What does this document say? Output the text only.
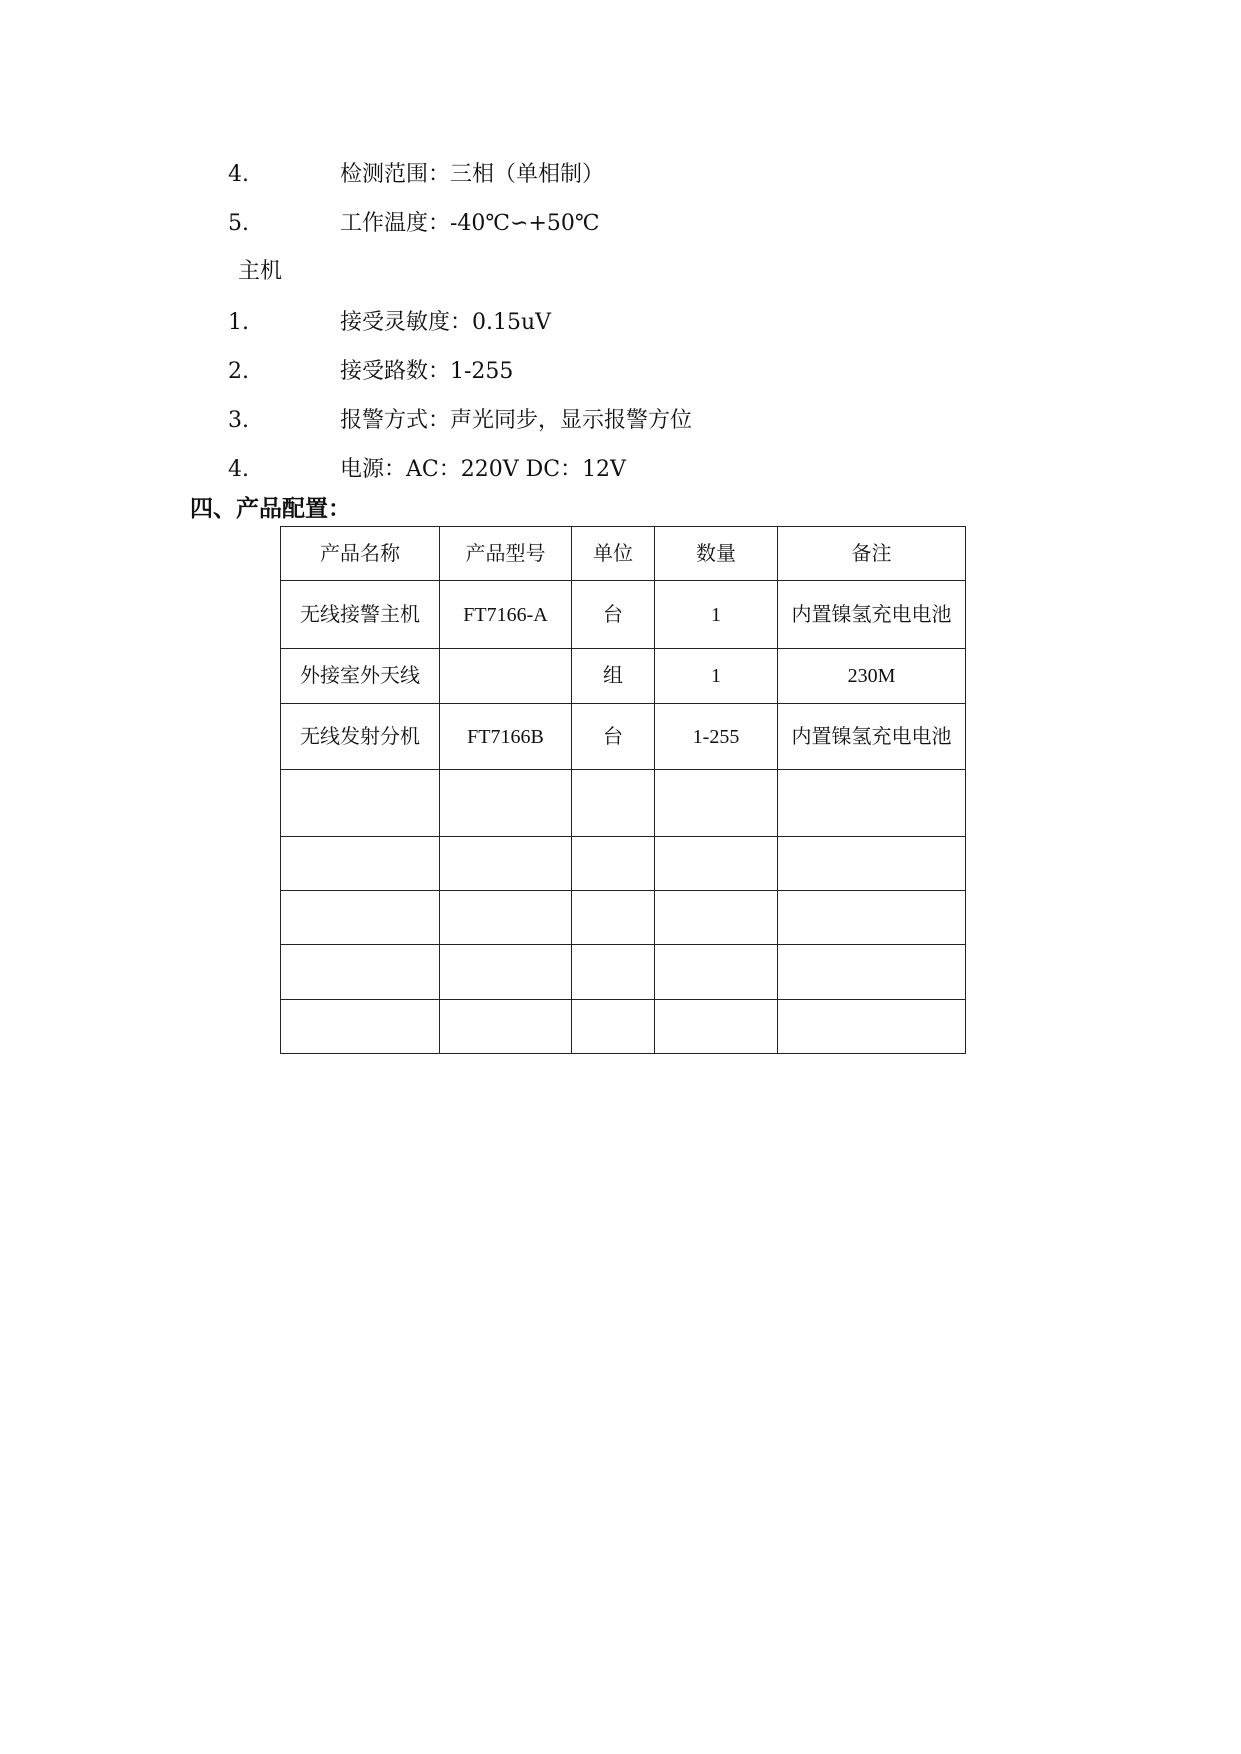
4.	检测范围：三相（单相制）
5.	工作温度：-40℃∽+50℃
主机
1.	接受灵敏度：0.15uV
2.	接受路数：1-255
3.	报警方式：声光同步，显示报警方位
4.	电源：AC：220V DC：12V
四、产品配置：
产品名称	产品型号	单位	数量	备注
无线接警主机	FT7166-A	台	1	内置镍氢充电电池
外接室外天线		组	1	230M
无线发射分机	FT7166B	台	1-255	内置镍氢充电电池
